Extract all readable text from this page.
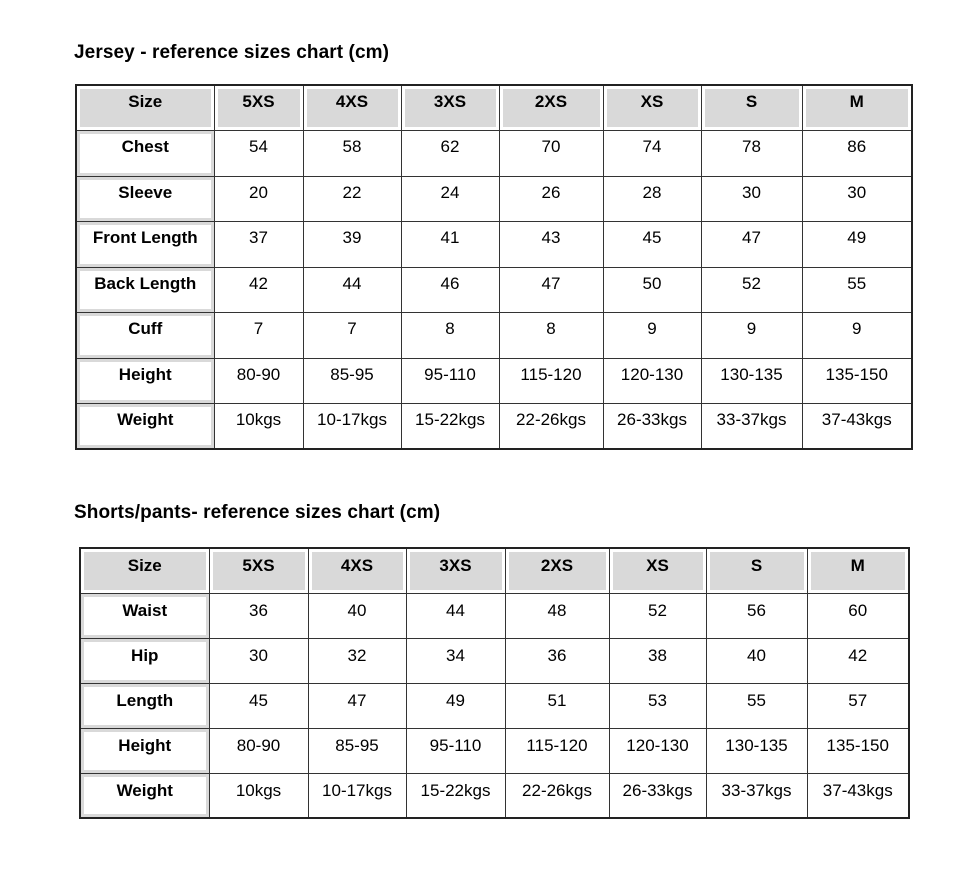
Jersey - reference sizes chart (cm)
Size	5XS	4XS	3XS	2XS	XS	S	M
Chest	54	58	62	70	74	78	86
Sleeve	20	22	24	26	28	30	30
Front Length	37	39	41	43	45	47	49
Back Length	42	44	46	47	50	52	55
Cuff	7	7	8	8	9	9	9
Height	80-90	85-95	95-110	115-120	120-130	130-135	135-150
Weight	10kgs	10-17kgs	15-22kgs	22-26kgs	26-33kgs	33-37kgs	37-43kgs
Shorts/pants- reference sizes chart (cm)
Size	5XS	4XS	3XS	2XS	XS	S	M
Waist	36	40	44	48	52	56	60
Hip	30	32	34	36	38	40	42
Length	45	47	49	51	53	55	57
Height	80-90	85-95	95-110	115-120	120-130	130-135	135-150
Weight	10kgs	10-17kgs	15-22kgs	22-26kgs	26-33kgs	33-37kgs	37-43kgs
